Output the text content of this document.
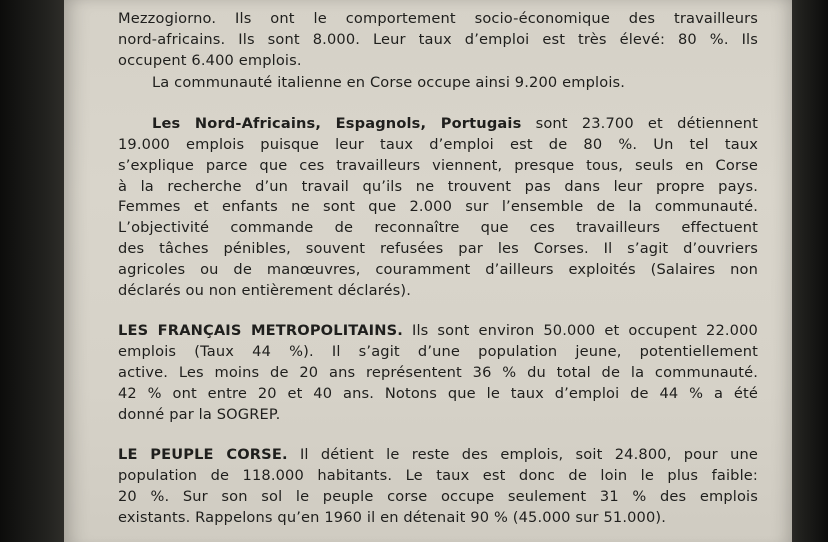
Mezzogiorno. Ils ont le comportement socio-économique des travailleurs
nord-africains. Ils sont 8.000. Leur taux d’emploi est très élevé: 80 %. Ils
occupent 6.400 emplois.
La communauté italienne en Corse occupe ainsi 9.200 emplois.
Les Nord-Africains, Espagnols, Portugais sont 23.700 et détiennent
19.000 emplois puisque leur taux d’emploi est de 80 %. Un tel taux
s’explique parce que ces travailleurs viennent, presque tous, seuls en Corse
à la recherche d’un travail qu’ils ne trouvent pas dans leur propre pays.
Femmes et enfants ne sont que 2.000 sur l’ensemble de la communauté.
L’objectivité commande de reconnaître que ces travailleurs effectuent
des tâches pénibles, souvent refusées par les Corses. Il s’agit d’ouvriers
agricoles ou de manœuvres, couramment d’ailleurs exploités (Salaires non
déclarés ou non entièrement déclarés).
LES FRANÇAIS METROPOLITAINS. Ils sont environ 50.000 et occupent 22.000
emplois (Taux 44 %). Il s’agit d’une population jeune, potentiellement
active. Les moins de 20 ans représentent 36 % du total de la communauté.
42 % ont entre 20 et 40 ans. Notons que le taux d’emploi de 44 % a été
donné par la SOGREP.
LE PEUPLE CORSE. Il détient le reste des emplois, soit 24.800, pour une
population de 118.000 habitants. Le taux est donc de loin le plus faible:
20 %. Sur son sol le peuple corse occupe seulement 31 % des emplois
existants. Rappelons qu’en 1960 il en détenait 90 % (45.000 sur 51.000).
